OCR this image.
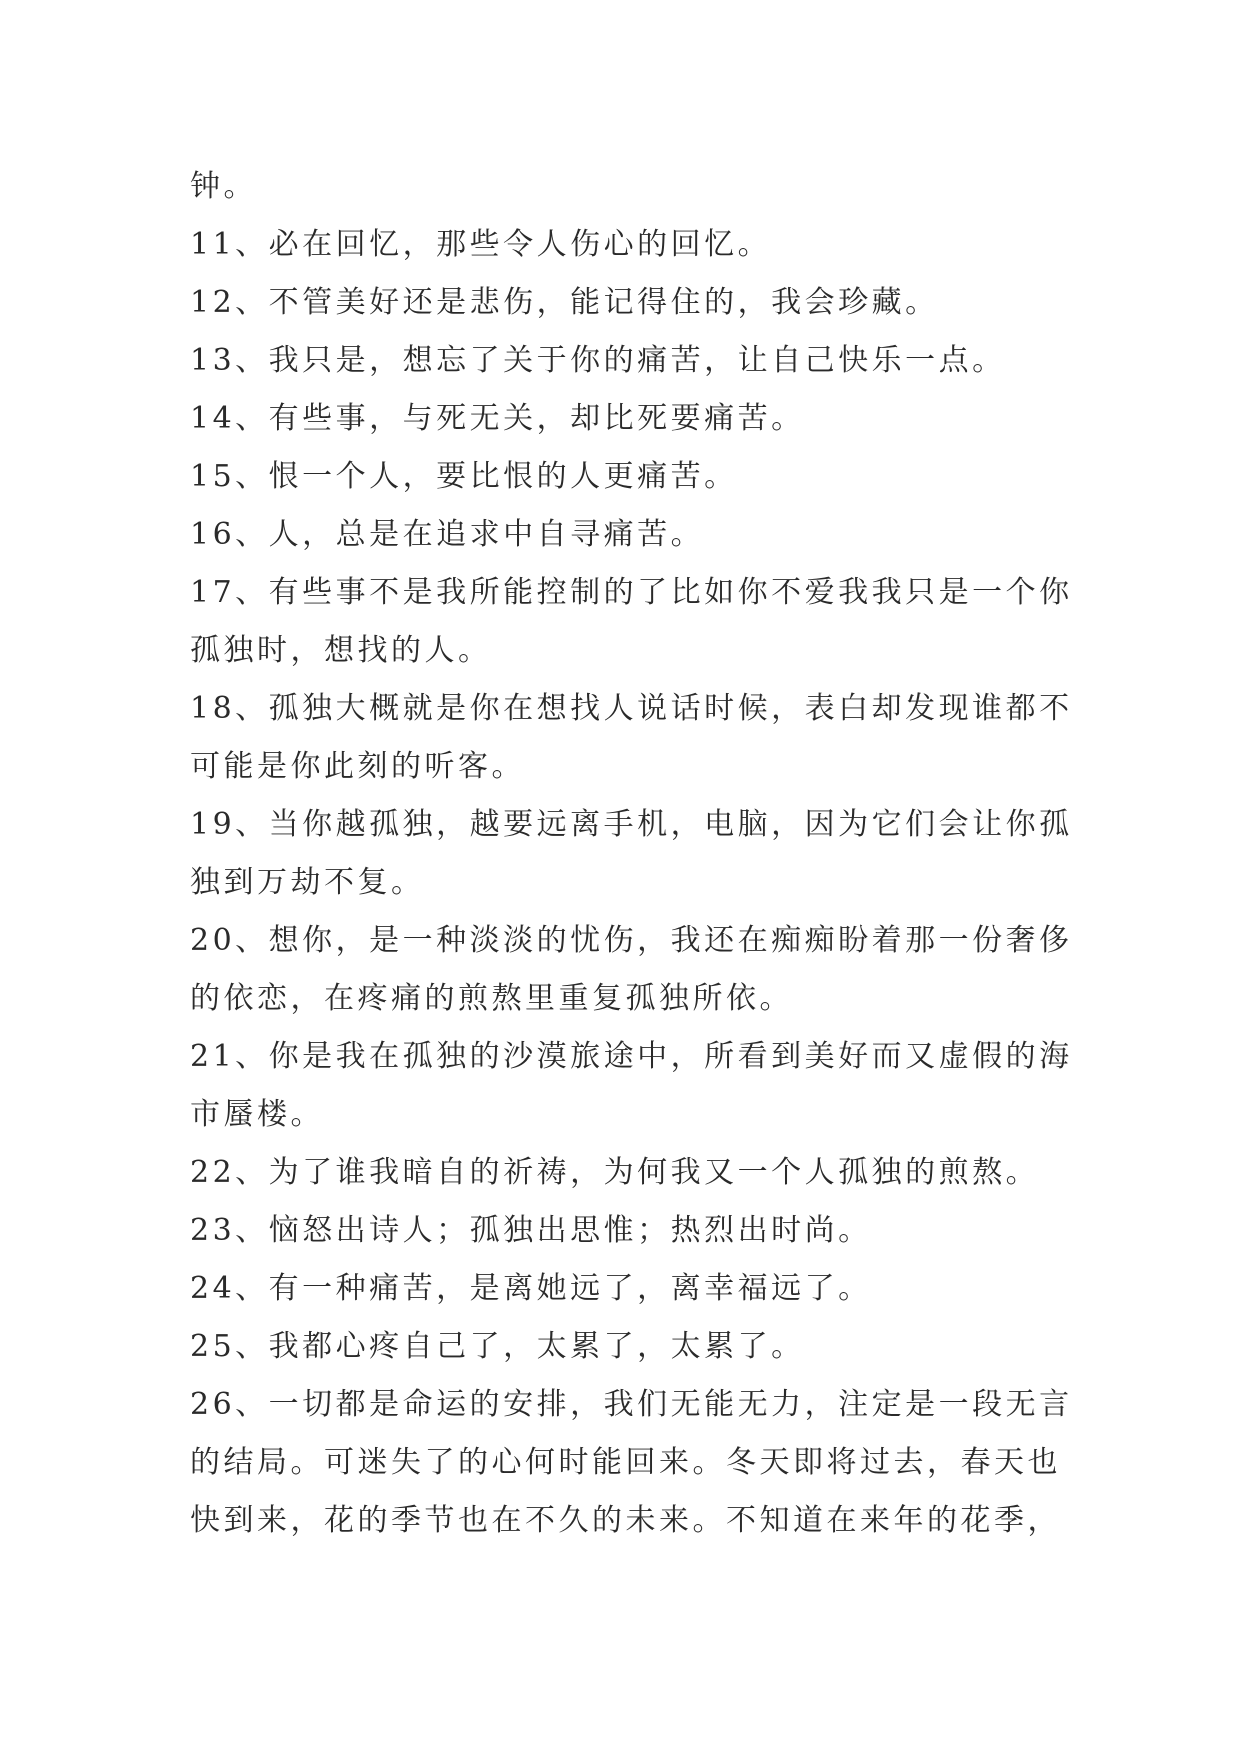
钟。
11、必在回忆，那些令人伤心的回忆。
12、不管美好还是悲伤，能记得住的，我会珍藏。
13、我只是，想忘了关于你的痛苦，让自己快乐一点。
14、有些事，与死无关，却比死要痛苦。
15、恨一个人，要比恨的人更痛苦。
16、人，总是在追求中自寻痛苦。
17、有些事不是我所能控制的了比如你不爱我我只是一个你
孤独时，想找的人。
18、孤独大概就是你在想找人说话时候，表白却发现谁都不
可能是你此刻的听客。
19、当你越孤独，越要远离手机，电脑，因为它们会让你孤
独到万劫不复。
20、想你，是一种淡淡的忧伤，我还在痴痴盼着那一份奢侈
的依恋，在疼痛的煎熬里重复孤独所依。
21、你是我在孤独的沙漠旅途中，所看到美好而又虚假的海
市蜃楼。
22、为了谁我暗自的祈祷，为何我又一个人孤独的煎熬。
23、恼怒出诗人；孤独出思惟；热烈出时尚。
24、有一种痛苦，是离她远了，离幸福远了。
25、我都心疼自己了，太累了，太累了。
26、一切都是命运的安排，我们无能无力，注定是一段无言
的结局。可迷失了的心何时能回来。冬天即将过去，春天也
快到来，花的季节也在不久的未来。不知道在来年的花季，
